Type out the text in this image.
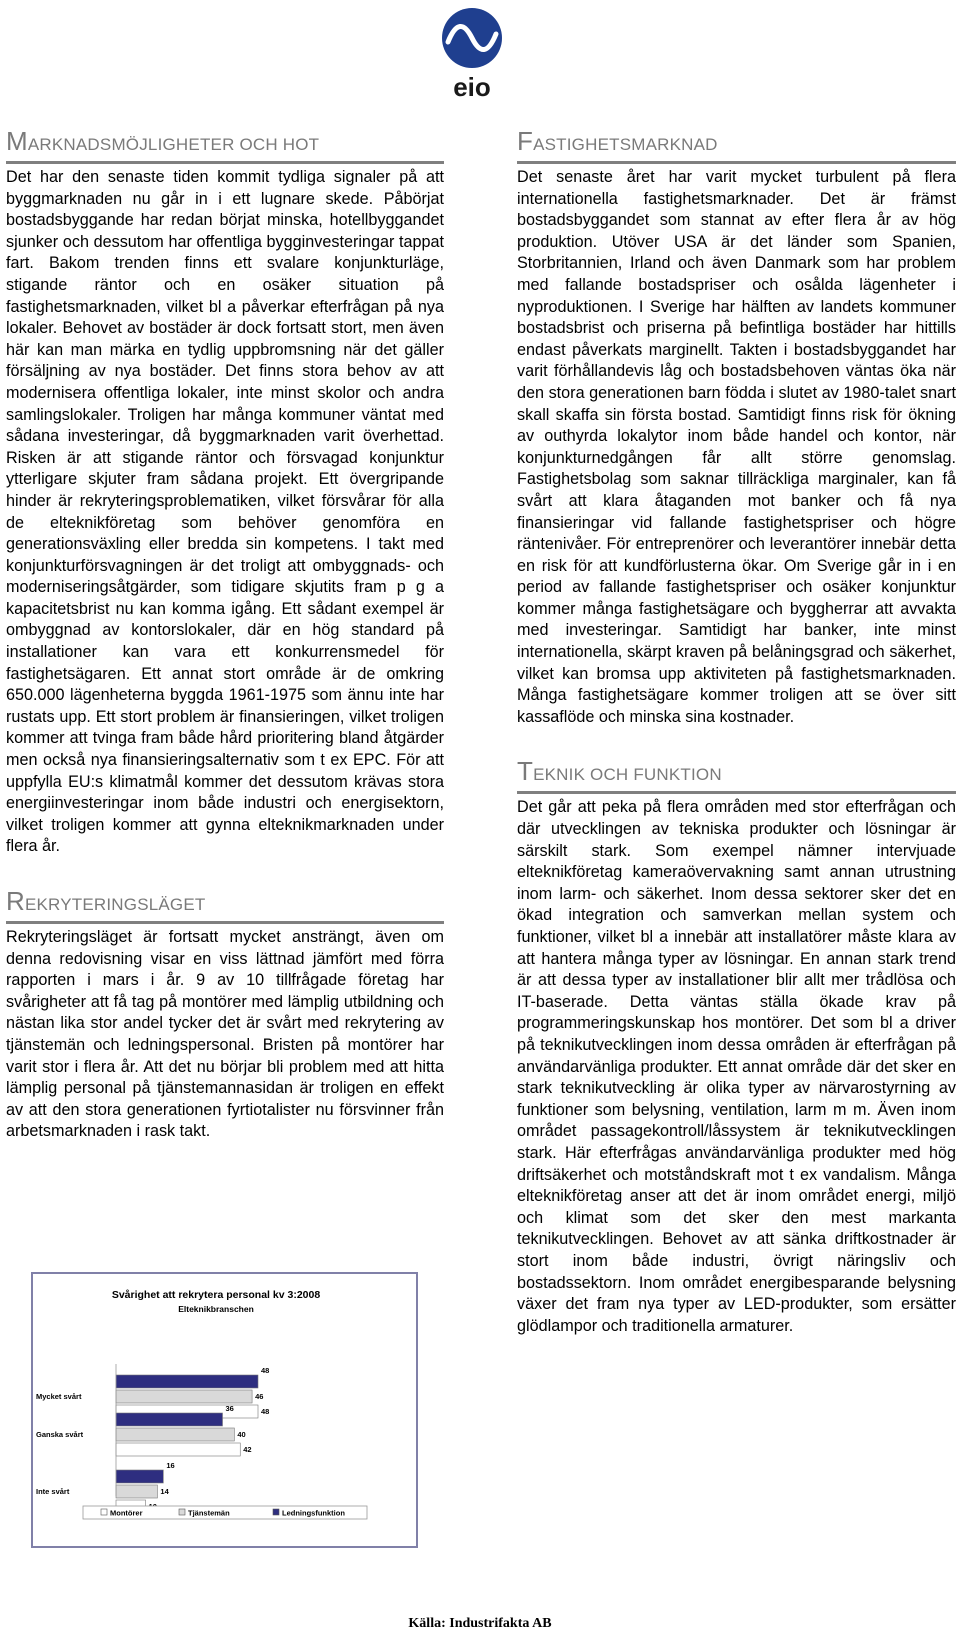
eio
MARKNADSMÖJLIGHETER OCH HOT

Det har den senaste tiden kommit tydliga signaler på att byggmarknaden nu går in i ett lugnare skede. Påbörjat bostadsbyggande har redan börjat minska, hotellbyggandet sjunker och dessutom har offentliga bygginvesteringar tappat fart. Bakom trenden finns ett svalare konjunkturläge, stigande räntor och en osäker situation på fastighetsmarknaden, vilket bl a påverkar efterfrågan på nya lokaler. Behovet av bostäder är dock fortsatt stort, men även här kan man märka en tydlig uppbromsning när det gäller försäljning av nya bostäder. Det finns stora behov av att modernisera offentliga lokaler, inte minst skolor och andra samlingslokaler. Troligen har många kommuner väntat med sådana investeringar, då byggmarknaden varit överhettad. Risken är att stigande räntor och försvagad konjunktur ytterligare skjuter fram sådana projekt. Ett övergripande hinder är rekryteringsproblematiken, vilket försvårar för alla de elteknikföretag som behöver genomföra en generationsväxling eller bredda sin kompetens. I takt med konjunkturförsvagningen är det troligt att ombyggnads- och moderniseringsåtgärder, som tidigare skjutits fram p g a kapacitetsbrist nu kan komma igång. Ett sådant exempel är ombyggnad av kontorslokaler, där en hög standard på installationer kan vara ett konkurrensmedel för fastighetsägaren. Ett annat stort område är de omkring 650.000 lägenheterna byggda 1961-1975 som ännu inte har rustats upp. Ett stort problem är finansieringen, vilket troligen kommer att tvinga fram både hård prioritering bland åtgärder men också nya finansieringsalternativ som t ex EPC. För att uppfylla EU:s klimatmål kommer det dessutom krävas stora energiinvesteringar inom både industri och energisektorn, vilket troligen kommer att gynna elteknikmarknaden under flera år.

REKRYTERINGSLÄGET

Rekryteringsläget är fortsatt mycket ansträngt, även om denna redovisning visar en viss lättnad jämfört med förra rapporten i mars i år. 9 av 10 tillfrågade företag har svårigheter att få tag på montörer med lämplig utbildning och nästan lika stor andel tycker det är svårt med rekrytering av tjänstemän och ledningspersonal. Bristen på montörer har varit stor i flera år. Att det nu börjar bli problem med att hitta lämplig personal på tjänstemannasidan är troligen en effekt av att den stora generationen fyrtiotalister nu försvinner från arbetsmarknaden i rask takt.

FASTIGHETSMARKNAD

Det senaste året har varit mycket turbulent på flera internationella fastighetsmarknader. Det är främst bostadsbyggandet som stannat av efter flera år av hög produktion. Utöver USA är det länder som Spanien, Storbritannien, Irland och även Danmark som har problem med fallande bostadspriser och osålda lägenheter i nyproduktionen. I Sverige har hälften av landets kommuner bostadsbrist och priserna på befintliga bostäder har hittills endast påverkats marginellt. Takten i bostadsbyggandet har varit förhållandevis låg och bostadsbehoven väntas öka när den stora generationen barn födda i slutet av 1980-talet snart skall skaffa sin första bostad. Samtidigt finns risk för ökning av outhyrda lokalytor inom både handel och kontor, när konjunkturnedgången får allt större genomslag. Fastighetsbolag som saknar tillräckliga marginaler, kan få svårt att klara åtaganden mot banker och få nya finansieringar vid fallande fastighetspriser och högre räntenivåer. För entreprenörer och leverantörer innebär detta en risk för att kundförlusterna ökar. Om Sverige går in i en period av fallande fastighetspriser och osäker konjunktur kommer många fastighetsägare och byggherrar att avvakta med investeringar. Samtidigt har banker, inte minst internationella, skärpt kraven på belåningsgrad och säkerhet, vilket kan bromsa upp aktiviteten på fastighetsmarknaden. Många fastighetsägare kommer troligen att se över sitt kassaflöde och minska sina kostnader.

TEKNIK OCH FUNKTION

Det går att peka på flera områden med stor efterfrågan och där utvecklingen av tekniska produkter och lösningar är särskilt stark. Som exempel nämner intervjuade elteknikföretag kameraövervakning samt annan utrustning inom larm- och säkerhet. Inom dessa sektorer sker det en ökad integration och samverkan mellan system och funktioner, vilket bl a innebär att installatörer måste klara av att hantera många typer av lösningar. En annan stark trend är att dessa typer av installationer blir allt mer trådlösa och IT-baserade. Detta väntas ställa ökade krav på programmeringskunskap hos montörer. Det som bl a driver på teknikutvecklingen inom dessa områden är efterfrågan på användarvänliga produkter. Ett annat område där det sker en stark teknikutveckling är olika typer av närvarostyrning av funktioner som belysning, ventilation, larm m m. Även inom området passagekontroll/låssystem är teknikutvecklingen stark. Här efterfrågas användarvänliga produkter med hög driftsäkerhet och motståndskraft mot t ex vandalism. Många elteknikföretag anser att det är inom området energi, miljö och klimat som det sker den mest markanta teknikutvecklingen. Behovet av att sänka driftkostnader är stort inom både industri, övrigt näringsliv och bostadssektorn. Inom området energibesparande belysning växer det fram nya typer av LED-produkter, som ersätter glödlampor och traditionella armaturer.

Svårighet att rekrytera personal kv 3:2008
Elteknikbranschen
Mycket svårt
48
46
48
Ganska svårt
36
40
42
Inte svårt
16
14
Montörer	Tjänstemän	Ledningsfunktion
Källa: Industrifakta AB
